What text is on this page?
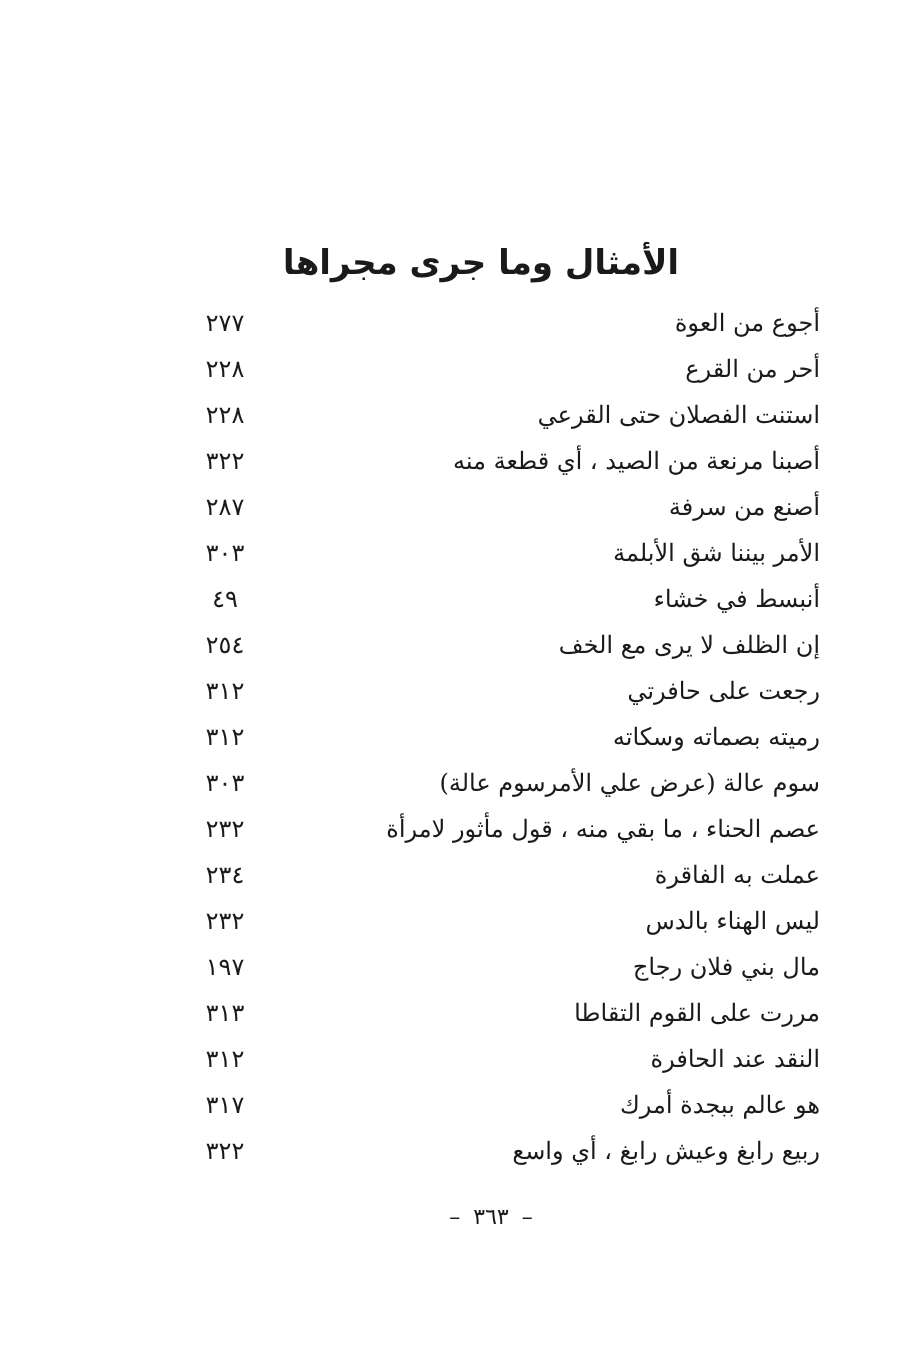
الأمثال وما جرى مجراها
٢٧٧	أجوع من العوة
٢٢٨	أحر من القرع
٢٢٨	استنت الفصلان حتى القرعي
٣٢٢	أصبنا مرنعة من الصيد ، أي قطعة منه
٢٨٧	أصنع من سرفة
٣٠٣	الأمر بيننا شق الأبلمة
٤٩	أنبسط في خشاء
٢٥٤	إن الظلف لا يرى مع الخف
٣١٢	رجعت على حافرتي
٣١٢	رميته بصماته وسكاته
٣٠٣	سوم عالة (عرض علي الأمرسوم عالة)
٢٣٢	عصم الحناء ، ما بقي منه ، قول مأثور لامرأة
٢٣٤	عملت به الفاقرة
٢٣٢	ليس الهناء بالدس
١٩٧	مال بني فلان رجاج
٣١٣	مررت على القوم التقاطا
٣١٢	النقد عند الحافرة
٣١٧	هو عالم ببجدة أمرك
٣٢٢	ربيع رابغ وعيش رابغ ، أي واسع
– ٣٦٣ –
